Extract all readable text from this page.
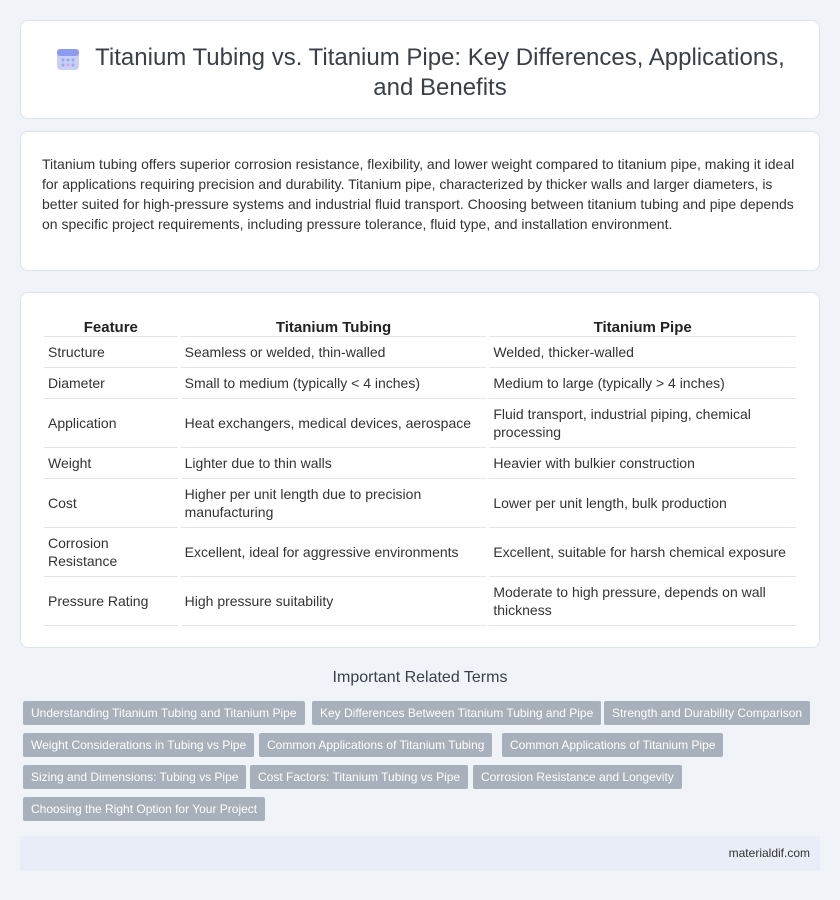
Titanium Tubing vs. Titanium Pipe: Key Differences, Applications, and Benefits

Titanium tubing offers superior corrosion resistance, flexibility, and lower weight compared to titanium pipe, making it ideal for applications requiring precision and durability. Titanium pipe, characterized by thicker walls and larger diameters, is better suited for high-pressure systems and industrial fluid transport. Choosing between titanium tubing and pipe depends on specific project requirements, including pressure tolerance, fluid type, and installation environment.

Feature	Titanium Tubing	Titanium Pipe
Structure	Seamless or welded, thin-walled	Welded, thicker-walled
Diameter	Small to medium (typically < 4 inches)	Medium to large (typically > 4 inches)
Application	Heat exchangers, medical devices, aerospace	Fluid transport, industrial piping, chemical processing
Weight	Lighter due to thin walls	Heavier with bulkier construction
Cost	Higher per unit length due to precision manufacturing	Lower per unit length, bulk production
Corrosion Resistance	Excellent, ideal for aggressive environments	Excellent, suitable for harsh chemical exposure
Pressure Rating	High pressure suitability	Moderate to high pressure, depends on wall thickness
Important Related Terms
Understanding Titanium Tubing and Titanium Pipe	Key Differences Between Titanium Tubing and Pipe	Strength and Durability Comparison
Weight Considerations in Tubing vs Pipe	Common Applications of Titanium Tubing	Common Applications of Titanium Pipe
Sizing and Dimensions: Tubing vs Pipe	Cost Factors: Titanium Tubing vs Pipe	Corrosion Resistance and Longevity
Choosing the Right Option for Your Project
materialdif.com
